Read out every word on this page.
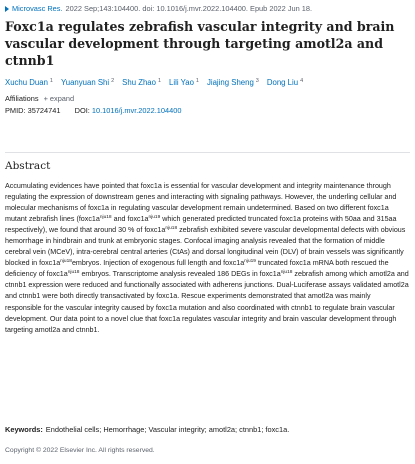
Microvasc Res. 2022 Sep;143:104400. doi: 10.1016/j.mvr.2022.104400. Epub 2022 Jun 18.
Foxc1a regulates zebrafish vascular integrity and brain vascular development through targeting amotl2a and ctnnb1
Xuchu Duan $^1$ Yuanyuan Shi $^2$ Shu Zhao $^1$ Lili Yao $^1$ Jiajing Sheng $^3$ Dong Liu $^4$
Affiliations + expand
PMID: 35724741 DOI: 10.1016/j.mvr.2022.104400
Abstract

Accumulating evidences have pointed that foxc1a is essential for vascular development and integrity maintenance through regulating the expression of downstream genes and interacting with signaling pathways. However, the underling cellular and molecular mechanisms of foxc1a in regulating vascular development remain undetermined. Based on two different foxc1a mutant zebrafish lines ($foxc1a^{nju18}$ and $foxc1a^{nju19}$ which generated predicted truncated foxc1a proteins with 50aa and 315aa respectively), we found that around 30 % of $foxc1a^{nju18}$ zebrafish exhibited severe vascular developmental defects with obvious hemorrhage in hindbrain and trunk at embryonic stages. Confocal imaging analysis revealed that the formation of middle cerebral vein (MCeV), intra-cerebral central arteries (CtAs) and dorsal longitudinal vein (DLV) of brain vessels was significantly blocked in $foxc1a^{nju18}embryos$. Injection of exogenous full length and $foxc1a^{nju19}$ truncated foxc1a mRNA both rescued the deficiency of $foxc1a^{nju18}$ embryos. Transcriptome analysis revealed 186 DEGs in $foxc1a^{nju18}$ zebrafish among which amotl2a and ctnnb1 expression were reduced and functionally associated with adherens junctions. Dual-Luciferase assays validated amotl2a and ctnnb1 were both directly transactivated by foxc1a. Rescue experiments demonstrated that amotl2a was mainly responsible for the vascular integrity caused by foxc1a mutation and also coordinated with ctnnb1 to regulate brain vascular development. Our data point to a novel clue that foxc1a regulates vascular integrity and brain vascular development through targeting amotl2a and ctnnb1.

Keywords: Endothelial cells; Hemorrhage; Vascular integrity; amotl2a; ctnnb1; foxc1a.
Copyright © 2022 Elsevier Inc. All rights reserved.
